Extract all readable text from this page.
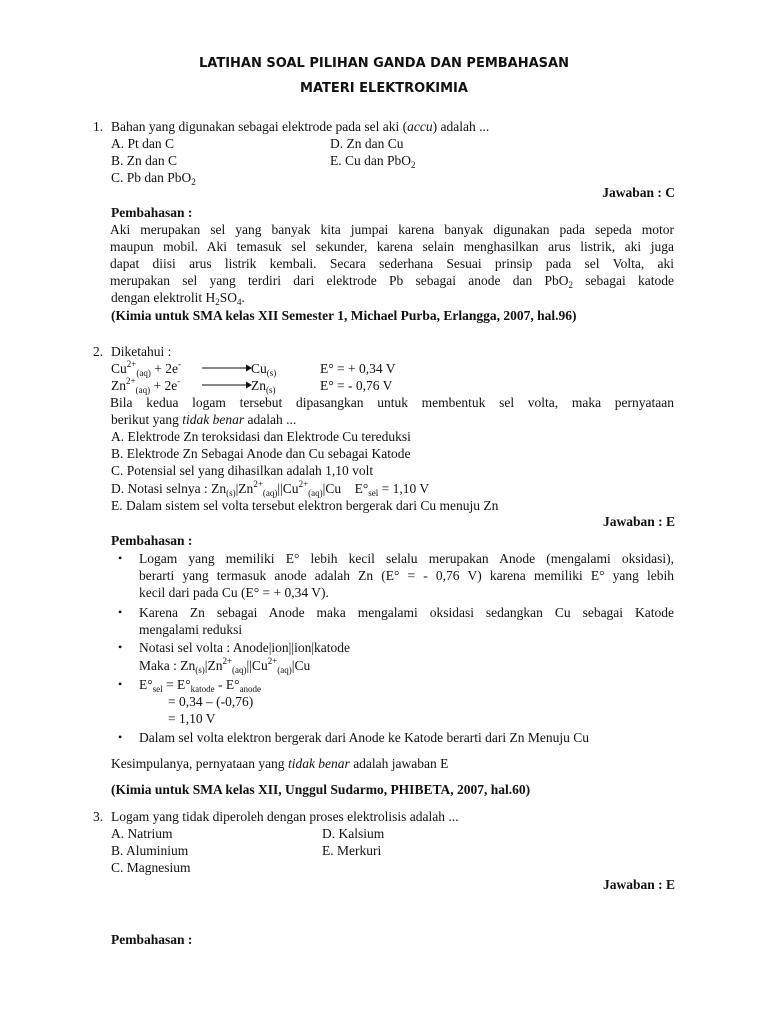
LATIHAN SOAL PILIHAN GANDA DAN PEMBAHASAN
MATERI ELEKTROKIMIA
1. Bahan yang digunakan sebagai elektrode pada sel aki (accu) adalah ...
A. Pt dan C
B. Zn dan C
C. Pb dan PbO$_2$
D. Zn dan Cu
E. Cu dan PbO$_2$
Jawaban : C
Pembahasan :
Aki merupakan sel yang banyak kita jumpai karena banyak digunakan pada sepeda motor
maupun mobil. Aki temasuk sel sekunder, karena selain menghasilkan arus listrik, aki juga
dapat diisi arus listrik kembali. Secara sederhana Sesuai prinsip pada sel Volta, aki
merupakan sel yang terdiri dari elektrode Pb sebagai anode dan PbO$_2$ sebagai katode
dengan elektrolit $H_2SO_4$.
(Kimia untuk SMA kelas XII Semester 1, Michael Purba, Erlangga, 2007, hal.96)
2. Diketahui :
$Cu^{2+}_{(aq)} + 2e^- \to Cu_{(s)}$	E° = + 0,34 V
$Zn^{2+}_{(aq)} + 2e^- \to Zn_{(s)}$	E° = - 0,76 V
Bila kedua logam tersebut dipasangkan untuk membentuk sel volta, maka pernyataan
berikut yang tidak benar adalah ...
A. Elektrode Zn teroksidasi dan Elektrode Cu tereduksi
B. Elektrode Zn Sebagai Anode dan Cu sebagai Katode
C. Potensial sel yang dihasilkan adalah 1,10 volt
D. Notasi selnya : $Zn_{(s)}|Zn^{2+}_{(aq)}||Cu^{2+}_{(aq)}|Cu$    $E^\circ_{sel} = 1,10$ V
E. Dalam sistem sel volta tersebut elektron bergerak dari Cu menuju Zn
Jawaban : E
Pembahasan :
• Logam yang memiliki E° lebih kecil selalu merupakan Anode (mengalami oksidasi),
berarti yang termasuk anode adalah Zn (E° = - 0,76 V) karena memiliki E° yang lebih
kecil dari pada Cu (E° = + 0,34 V).
• Karena Zn sebagai Anode maka mengalami oksidasi sedangkan Cu sebagai Katode
mengalami reduksi
• Notasi sel volta : Anode|ion||ion|katode
Maka : $Zn_{(s)}|Zn^{2+}_{(aq)}||Cu^{2+}_{(aq)}|Cu$
• $E^\circ_{sel} = E^\circ_{katode} - E^\circ_{anode}$
= 0,34 – (-0,76)
= 1,10 V
• Dalam sel volta elektron bergerak dari Anode ke Katode berarti dari Zn Menuju Cu
Kesimpulanya, pernyataan yang tidak benar adalah jawaban E
(Kimia untuk SMA kelas XII, Unggul Sudarmo, PHIBETA, 2007, hal.60)
3. Logam yang tidak diperoleh dengan proses elektrolisis adalah ...
A. Natrium
B. Aluminium
C. Magnesium
D. Kalsium
E. Merkuri
Jawaban : E
Pembahasan :
